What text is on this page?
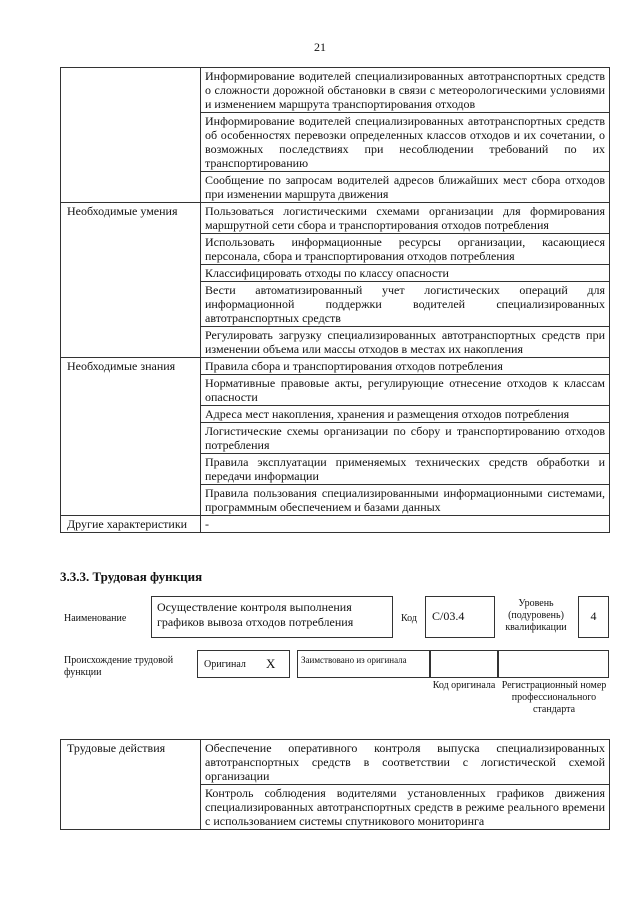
21
	Информирование водителей специализированных автотранспортных средств о сложности дорожной обстановки в связи с метеорологическими условиями и изменением маршрута транспортирования отходов
	Информирование водителей специализированных автотранспортных средств об особенностях перевозки определенных классов отходов и их сочетании, о возможных последствиях при несоблюдении требований по их транспортированию
	Сообщение по запросам водителей адресов ближайших мест сбора отходов при изменении маршрута движения
Необходимые умения	Пользоваться логистическими схемами организации для формирования маршрутной сети сбора и транспортирования отходов потребления
	Использовать информационные ресурсы организации, касающиеся персонала, сбора и транспортирования отходов потребления
	Классифицировать отходы по классу опасности
	Вести автоматизированный учет логистических операций для информационной поддержки водителей специализированных автотранспортных средств
	Регулировать загрузку специализированных автотранспортных средств при изменении объема или массы отходов в местах их накопления
Необходимые знания	Правила сбора и транспортирования отходов потребления
	Нормативные правовые акты, регулирующие отнесение отходов к классам опасности
	Адреса мест накопления, хранения и размещения отходов потребления
	Логистические схемы организации по сбору и транспортированию отходов потребления
	Правила эксплуатации применяемых технических средств обработки и передачи информации
	Правила пользования специализированными информационными системами, программным обеспечением и базами данных
Другие характеристики	-
3.3.3. Трудовая функция
Наименование
Осуществление контроля выполнения графиков вывоза отходов потребления	Код	С/03.4
Уровень (подуровень) квалификации
4
Происхождение трудовой функции
Оригинал X	Заимствовано из оригинала
Код оригинала Регистрационный номер профессионального стандарта
Трудовые действия	Обеспечение оперативного контроля выпуска специализированных автотранспортных средств в соответствии с логистической схемой организации
Контроль соблюдения водителями установленных графиков движения специализированных автотранспортных средств в режиме реального времени с использованием системы спутникового мониторинга
